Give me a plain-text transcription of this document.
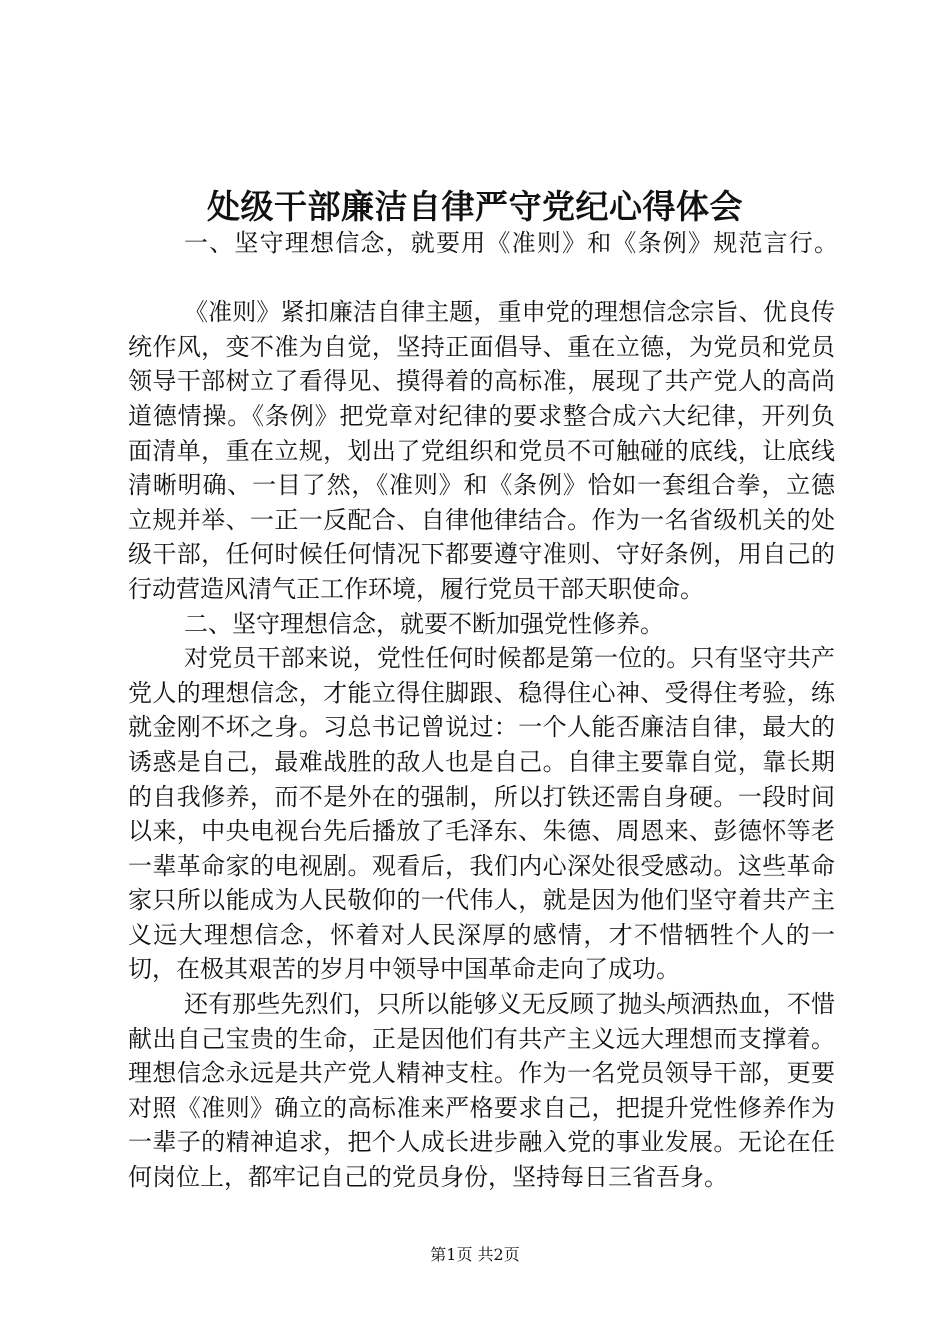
处级干部廉洁自律严守党纪心得体会

一、坚守理想信念，就要用《准则》和《条例》规范言行。

《准则》紧扣廉洁自律主题，重申党的理想信念宗旨、优良传统作风，变不准为自觉，坚持正面倡导、重在立德，为党员和党员领导干部树立了看得见、摸得着的高标准，展现了共产党人的高尚道德情操。《条例》把党章对纪律的要求整合成六大纪律，开列负面清单，重在立规，划出了党组织和党员不可触碰的底线，让底线清晰明确、一目了然，《准则》和《条例》恰如一套组合拳，立德立规并举、一正一反配合、自律他律结合。作为一名省级机关的处级干部，任何时候任何情况下都要遵守准则、守好条例，用自己的行动营造风清气正工作环境，履行党员干部天职使命。

二、坚守理想信念，就要不断加强党性修养。

对党员干部来说，党性任何时候都是第一位的。只有坚守共产党人的理想信念，才能立得住脚跟、稳得住心神、受得住考验，练就金刚不坏之身。习总书记曾说过：一个人能否廉洁自律，最大的诱惑是自己，最难战胜的敌人也是自己。自律主要靠自觉，靠长期的自我修养，而不是外在的强制，所以打铁还需自身硬。一段时间以来，中央电视台先后播放了毛泽东、朱德、周恩来、彭德怀等老一辈革命家的电视剧。观看后，我们内心深处很受感动。这些革命家只所以能成为人民敬仰的一代伟人，就是因为他们坚守着共产主义远大理想信念，怀着对人民深厚的感情，才不惜牺牲个人的一切，在极其艰苦的岁月中领导中国革命走向了成功。

还有那些先烈们，只所以能够义无反顾了抛头颅洒热血，不惜献出自己宝贵的生命，正是因他们有共产主义远大理想而支撑着。理想信念永远是共产党人精神支柱。作为一名党员领导干部，更要对照《准则》确立的高标准来严格要求自己，把提升党性修养作为一辈子的精神追求，把个人成长进步融入党的事业发展。无论在任何岗位上，都牢记自己的党员身份，坚持每日三省吾身。

第1页 共2页
